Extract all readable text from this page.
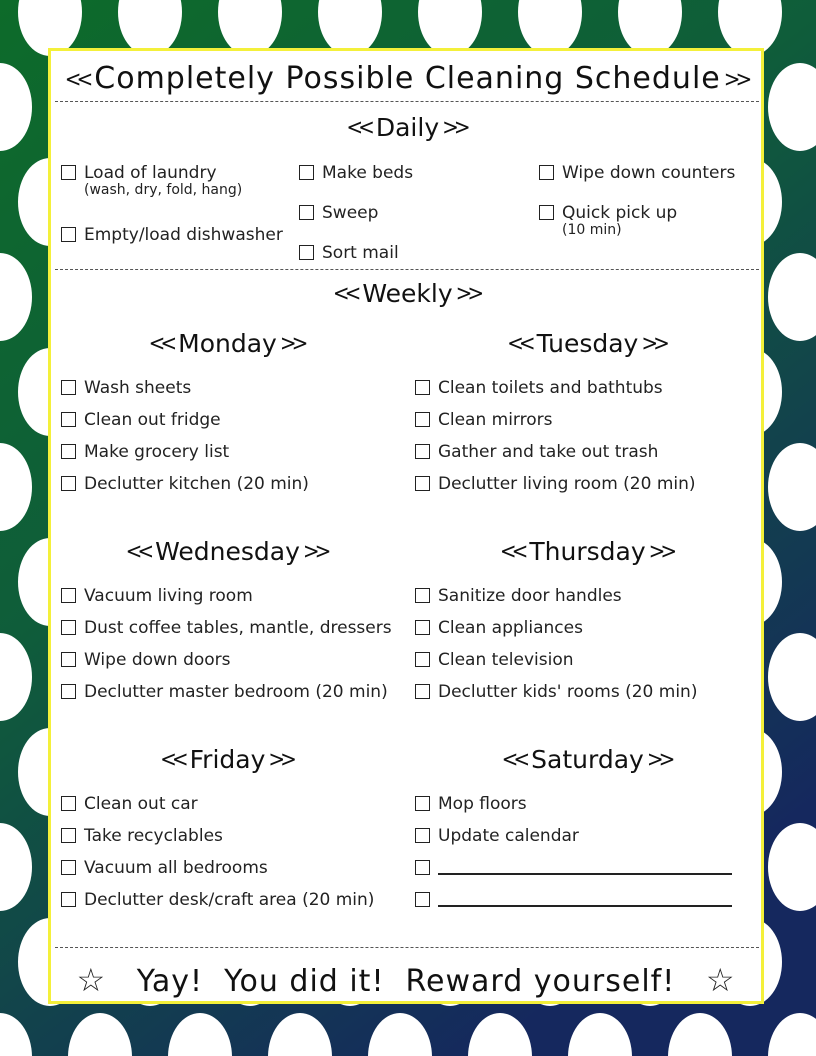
<< Completely Possible Cleaning Schedule >>
<< Daily >>
Load of laundry
(wash, dry, fold, hang)
Empty/load dishwasher
Make beds
Sweep
Sort mail
Wipe down counters
Quick pick up
(10 min)
<< Weekly >>
<< Monday >>
Wash sheets
Clean out fridge
Make grocery list
Declutter kitchen (20 min)
<< Tuesday >>
Clean toilets and bathtubs
Clean mirrors
Gather and take out trash
Declutter living room (20 min)
<< Wednesday >>
Vacuum living room
Dust coffee tables, mantle, dressers
Wipe down doors
Declutter master bedroom (20 min)
<< Thursday >>
Sanitize door handles
Clean appliances
Clean television
Declutter kids' rooms (20 min)
<< Friday >>
Clean out car
Take recyclables
Vacuum all bedrooms
Declutter desk/craft area (20 min)
<< Saturday >>
Mop floors
Update calendar
☆ Yay!  You did it!  Reward yourself! ☆
